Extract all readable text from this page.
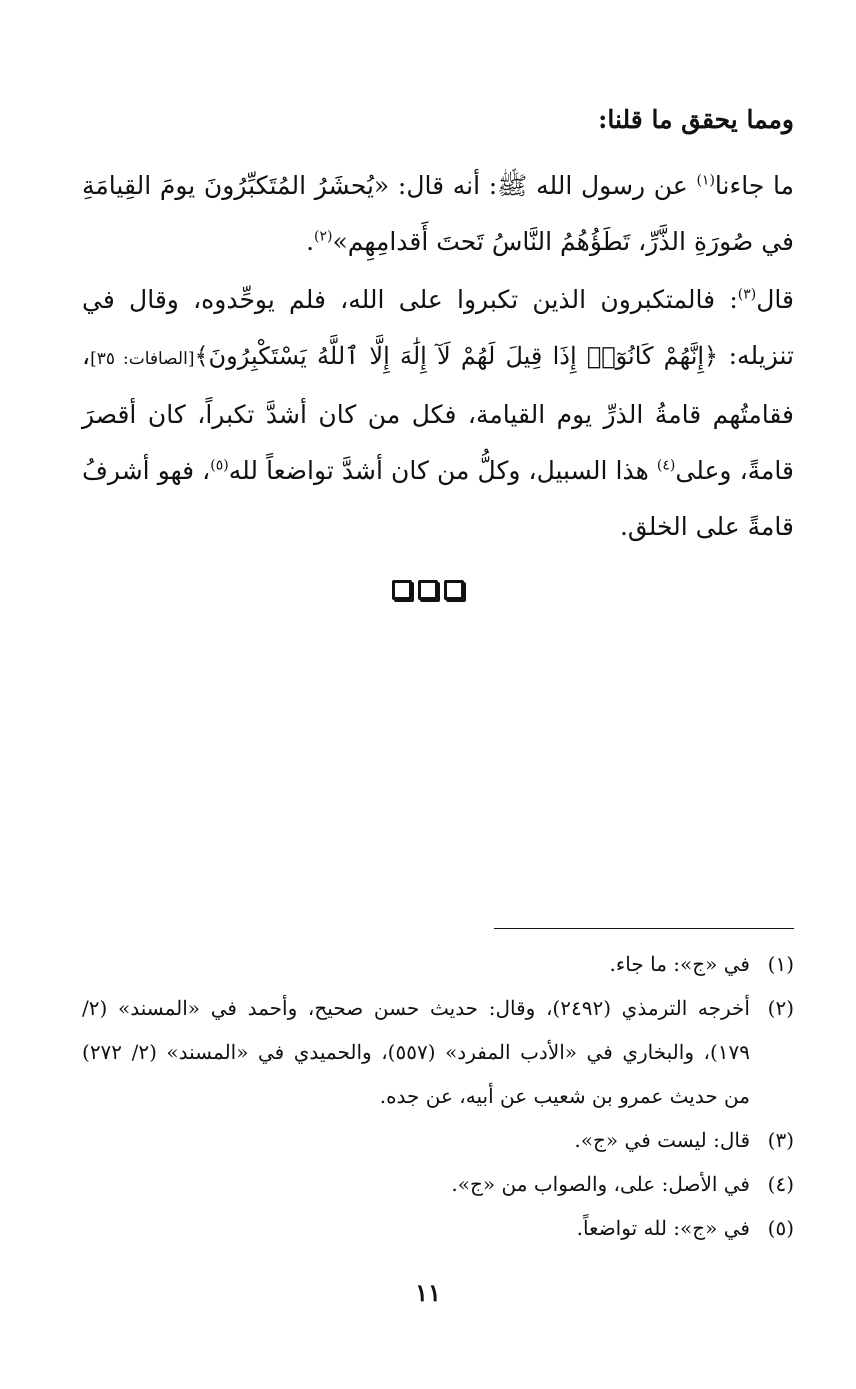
ومما يحقق ما قلنا:

ما جاءنا$^{(١)}$ عن رسول الله ﷺ: أنه قال: «يُحشَرُ المُتَكبِّرُونَ يومَ القِيامَةِ في صُورَةِ الذَّرِّ، تَطَؤُهُمُ النَّاسُ تَحتَ أَقدامِهِم»$^{(٢)}$.

قال$^{(٣)}$: فالمتكبرون الذين تكبروا على الله، فلم يوحِّدوه، وقال في تنزيله: ﴿إِنَّهُمْ كَانُوٓا۟ إِذَا قِيلَ لَهُمْ لَآ إِلَٰهَ إِلَّا ٱللَّهُ يَسْتَكْبِرُونَ﴾[الصافات: ٣٥]، فقامتُهم قامةُ الذرِّ يوم القيامة، فكل من كان أشدَّ تكبراً، كان أقصرَ قامةً، وعلى$^{(٤)}$ هذا السبيل، وكلُّ من كان أشدَّ تواضعاً لله$^{(٥)}$، فهو أشرفُ قامةً على الخلق.

(١)
في «ج»: ما جاء.
(٢)
أخرجه الترمذي (٢٤٩٢)، وقال: حديث حسن صحيح، وأحمد في «المسند» (٢/ ١٧٩)، والبخاري في «الأدب المفرد» (٥٥٧)، والحميدي في «المسند» (٢/ ٢٧٢) من حديث عمرو بن شعيب عن أبيه، عن جده.
(٣)
قال: ليست في «ج».
(٤)
في الأصل: على، والصواب من «ج».
(٥)
في «ج»: لله تواضعاً.
١١
